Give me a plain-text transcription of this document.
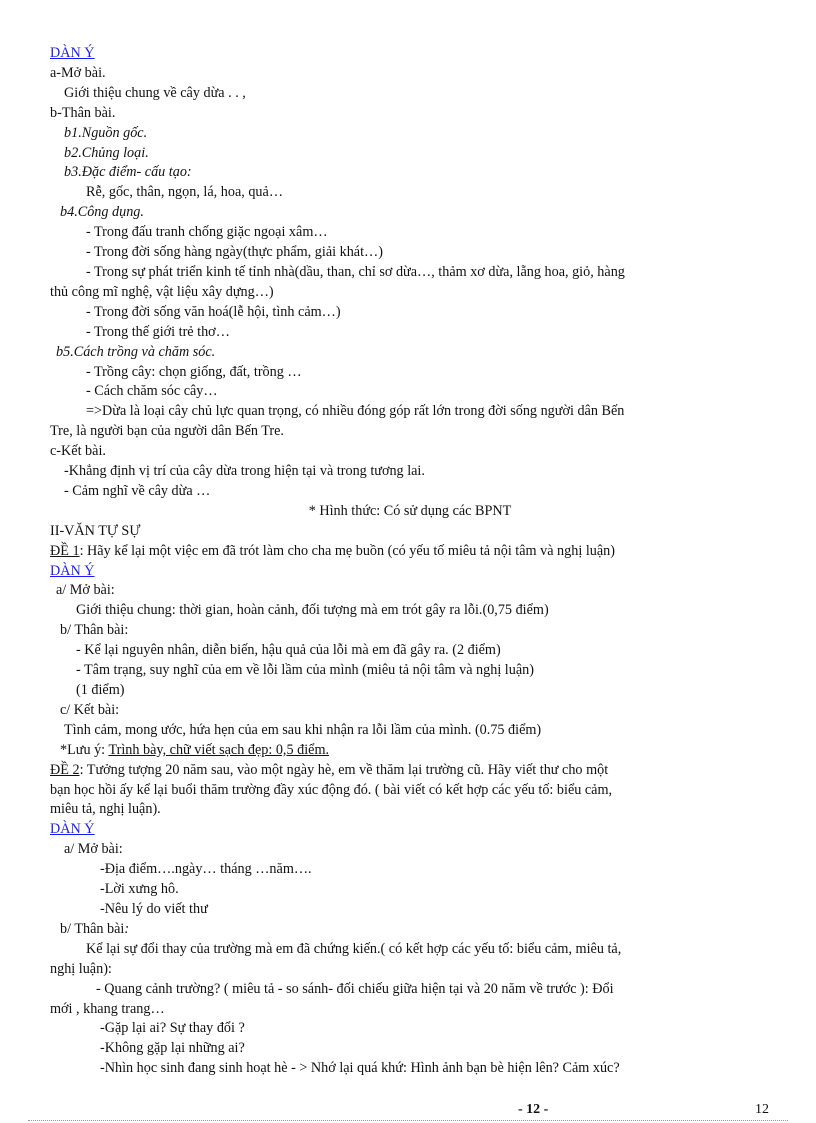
DÀN Ý
a-Mở bài.
Giới thiệu chung về cây dừa . . ,
b-Thân bài.
b1.Nguồn gốc.
b2.Chủng loại.
b3.Đặc điểm- cấu tạo:
Rễ, gốc, thân, ngọn, lá, hoa, quả…
b4.Công dụng.
- Trong đấu tranh chống giặc ngoại xâm…
- Trong đời sống hàng ngày(thực phẩm, giải khát…)
- Trong sự phát triển kinh tế tỉnh nhà(dầu, than, chỉ sơ dừa…, thảm xơ dừa, lẵng hoa, giỏ, hàng
thủ công mĩ nghệ, vật liệu xây dựng…)
- Trong đời sống văn hoá(lễ hội, tình cảm…)
- Trong thế giới trẻ thơ…
b5.Cách trồng và chăm sóc.
- Trồng cây: chọn giống, đất, trồng …
- Cách chăm sóc cây…
=>Dừa là loại cây chủ lực quan trọng, có nhiều đóng góp rất lớn trong đời sống người dân Bến
Tre, là người bạn của người dân Bến Tre.
c-Kết bài.
-Khẳng định vị trí của cây dừa trong hiện tại và trong tương lai.
- Cảm nghĩ về cây dừa …
* Hình thức: Có sử dụng các BPNT
II-VĂN TỰ SỰ
ĐỀ 1: Hãy kể lại một việc em đã trót làm cho cha mẹ buồn (có yếu tố miêu tả nội tâm và nghị luận)
DÀN Ý
a/ Mở bài:
Giới thiệu chung: thời gian, hoàn cảnh, đối tượng mà em trót gây ra lỗi.(0,75 điểm)
b/ Thân bài:
- Kể lại nguyên nhân, diễn biến, hậu quả của lỗi mà em đã gây ra. (2 điểm)
- Tâm trạng, suy nghĩ của em về lỗi lầm của mình (miêu tả nội tâm và nghị luận)
(1 điểm)
c/ Kết bài:
Tình cảm, mong ước, hứa hẹn của em sau khi nhận ra lỗi lầm của mình. (0.75 điểm)
*Lưu ý: Trình bày, chữ viết sạch đẹp: 0,5 điểm.
ĐỀ 2: Tưởng tượng 20 năm sau, vào một ngày hè, em về thăm lại trường cũ. Hãy viết thư cho một
bạn học hồi ấy kể lại buổi thăm trường đầy xúc động đó. ( bài viết có kết hợp các yếu tố: biểu cảm,
miêu tả, nghị luận).
DÀN Ý
a/ Mở bài:
-Địa điểm….ngày… tháng …năm….
-Lời xưng hô.
-Nêu lý do viết thư
b/ Thân bài:
Kể lại sự đổi thay của trường mà em đã chứng kiến.( có kết hợp các yếu tố: biểu cảm, miêu tả,
nghị luận):
- Quang cảnh trường? ( miêu tả - so sánh- đối chiếu giữa hiện tại và 20 năm về trước ): Đổi
mới , khang trang…
-Gặp lại ai? Sự thay đổi ?
-Không gặp lại những ai?
-Nhìn học sinh đang sinh hoạt hè - > Nhớ lại quá khứ: Hình ảnh bạn bè hiện lên? Cảm xúc?
- 12 -	12
